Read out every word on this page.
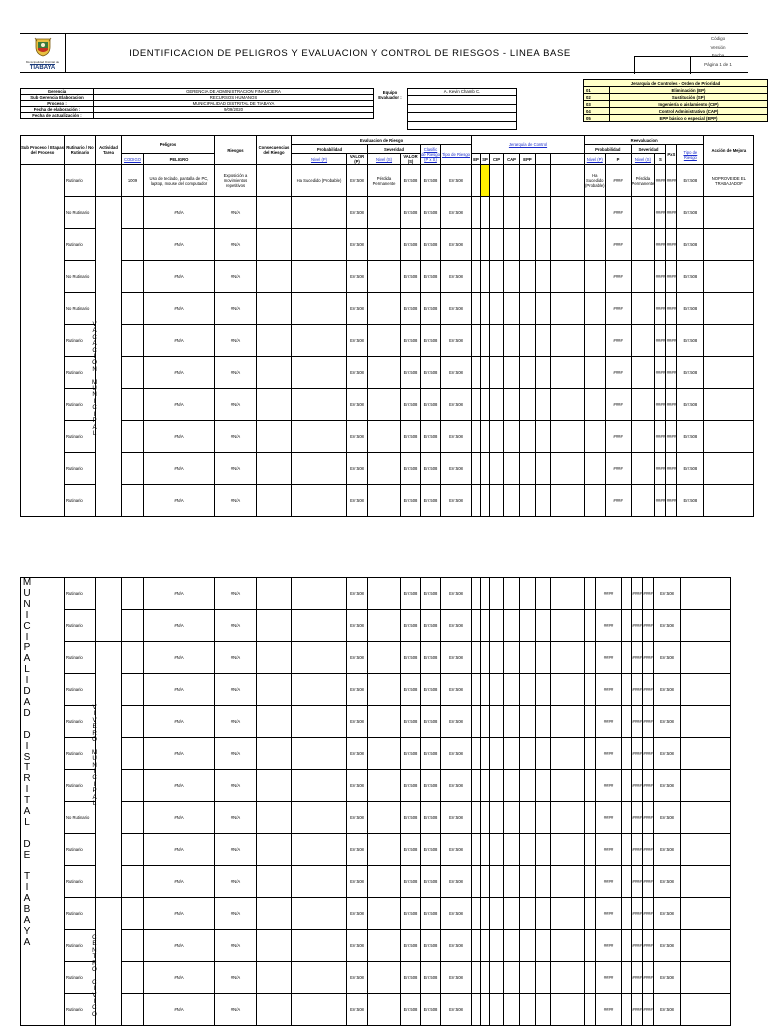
Municipalidad Distrital de
TIABAYA
IDENTIFICACION DE PELIGROS Y EVALUACION Y CONTROL DE RIESGOS - LINEA BASE
Código
Versión
Fecha
Página 1 de 1
Jerarquía de Controles - Orden de Prioridad	
01	Eliminación (EP)
02	Sustitución (SP)
03	Ingeniería o aislamiento (CIP)
04	Control Administrativo (CAP)
05	EPP básico o especial (EPP)
Gerencia	GERENCIA DE ADMINISTRACION FINANCIERA
Sub Gerencia Elaboracion	RECURSOS HUMANOS
Proceso :	MUNICIPALIDAD DISTRITAL DE TIABAYA
Fecha de elaboración :	9/09/2020
Fecha de actualización :	
Equipo Evaluador :
A. Kevin Chamb C.
Sub Proceso / Etapas del Proceso	Rutinario / No Rutinario	Actividad Tarea	Peligros		Riesgos	Consecuencias del Riesgo	Evaluacion de Riesgo						Jerarquía de Control							Reevaluacion						Acción de Mejora
							Probabilidad		Severidad		Clasific de Riesgo (P x S)	Tipo de Riesgo								Probabilidad		Severidad		PxS	Tipo de Riesgo	
			CODIGO	PELIGRO			Nivel (P)	VALOR (P)	Nivel (S)	VALOR (S)			EP	SP	CIP	CAP	EPP			Nivel (P)	P	Nivel (S)	S			
	Rutinario		1009	Uso de teclado, pantalla de PC, laptop, mouse del computador	Exposición a movimientos repetitivos		Ha Sucedido (Probable)	Err:508	Pérdida Permanente	Err:508	Err:508	Err:508								Ha Sucedido (Probable)	####	Pérdida Permanente	####	####	Err:508	NOPROVEIDE EL TRABAJADOF
	No Rutinario			#N/A	#N/A			Err:508		Err:508	Err:508	Err:508									####		####	####	Err:508	
	Rutinario			#N/A	#N/A			Err:508		Err:508	Err:508	Err:508									####		####	####	Err:508	
	No Rutinario			#N/A	#N/A			Err:508		Err:508	Err:508	Err:508									####		####	####	Err:508	
	No Rutinario			#N/A	#N/A			Err:508		Err:508	Err:508	Err:508									####		####	####	Err:508	
	Rutinario			#N/A	#N/A			Err:508		Err:508	Err:508	Err:508									####		####	####	Err:508	
	Rutinario			#N/A	#N/A			Err:508		Err:508	Err:508	Err:508									####		####	####	Err:508	
	Rutinario			#N/A	#N/A			Err:508		Err:508	Err:508	Err:508									####		####	####	Err:508	
	Rutinario			#N/A	#N/A			Err:508		Err:508	Err:508	Err:508									####		####	####	Err:508	
	Rutinario			#N/A	#N/A			Err:508		Err:508	Err:508	Err:508									####		####	####	Err:508	
	Rutinario			#N/A	#N/A			Err:508		Err:508	Err:508	Err:508									####		####	####	Err:508	
	Rutinario			#N/A	#N/A			Err:508		Err:508	Err:508	Err:508									####		####	####	Err:508	
	Rutinario			#N/A	#N/A			Err:508		Err:508	Err:508	Err:508									####		####	####	Err:508	
	Rutinario			#N/A	#N/A			Err:508		Err:508	Err:508	Err:508									####		####	####	Err:508	
	Rutinario			#N/A	#N/A			Err:508		Err:508	Err:508	Err:508									####		####	####	Err:508	
	Rutinario			#N/A	#N/A			Err:508		Err:508	Err:508	Err:508									####		####	####	Err:508	
	Rutinario			#N/A	#N/A			Err:508		Err:508	Err:508	Err:508									####		####	####	Err:508	
	Rutinario			#N/A	#N/A			Err:508		Err:508	Err:508	Err:508									####		####	####	Err:508	
	No Rutinario			#N/A	#N/A			Err:508		Err:508	Err:508	Err:508									####		####	####	Err:508	
	Rutinario			#N/A	#N/A			Err:508		Err:508	Err:508	Err:508									####		####	####	Err:508	
	Rutinario			#N/A	#N/A			Err:508		Err:508	Err:508	Err:508									####		####	####	Err:508	
	Rutinario			#N/A	#N/A			Err:508		Err:508	Err:508	Err:508									####		####	####	Err:508	
	Rutinario			#N/A	#N/A			Err:508		Err:508	Err:508	Err:508									####		####	####	Err:508	
	Rutinario			#N/A	#N/A			Err:508		Err:508	Err:508	Err:508									####		####	####	Err:508	
	Rutinario			#N/A	#N/A			Err:508		Err:508	Err:508	Err:508									####		####	####	Err:508	
V
A
C
A
C
I
O
N

M
U
N
I
C
I
P
A
L
M
U
N
I
C
I
P
A
L
I
D
A
D

D
I
S
T
R
I
T
A
L

D
E

T
I
A
B
A
Y
A
V
I
V
E
R
O

M
U
N
I
C
I
P
A
L
C
E
N
T
R
O

C
I
V
I
C
O
